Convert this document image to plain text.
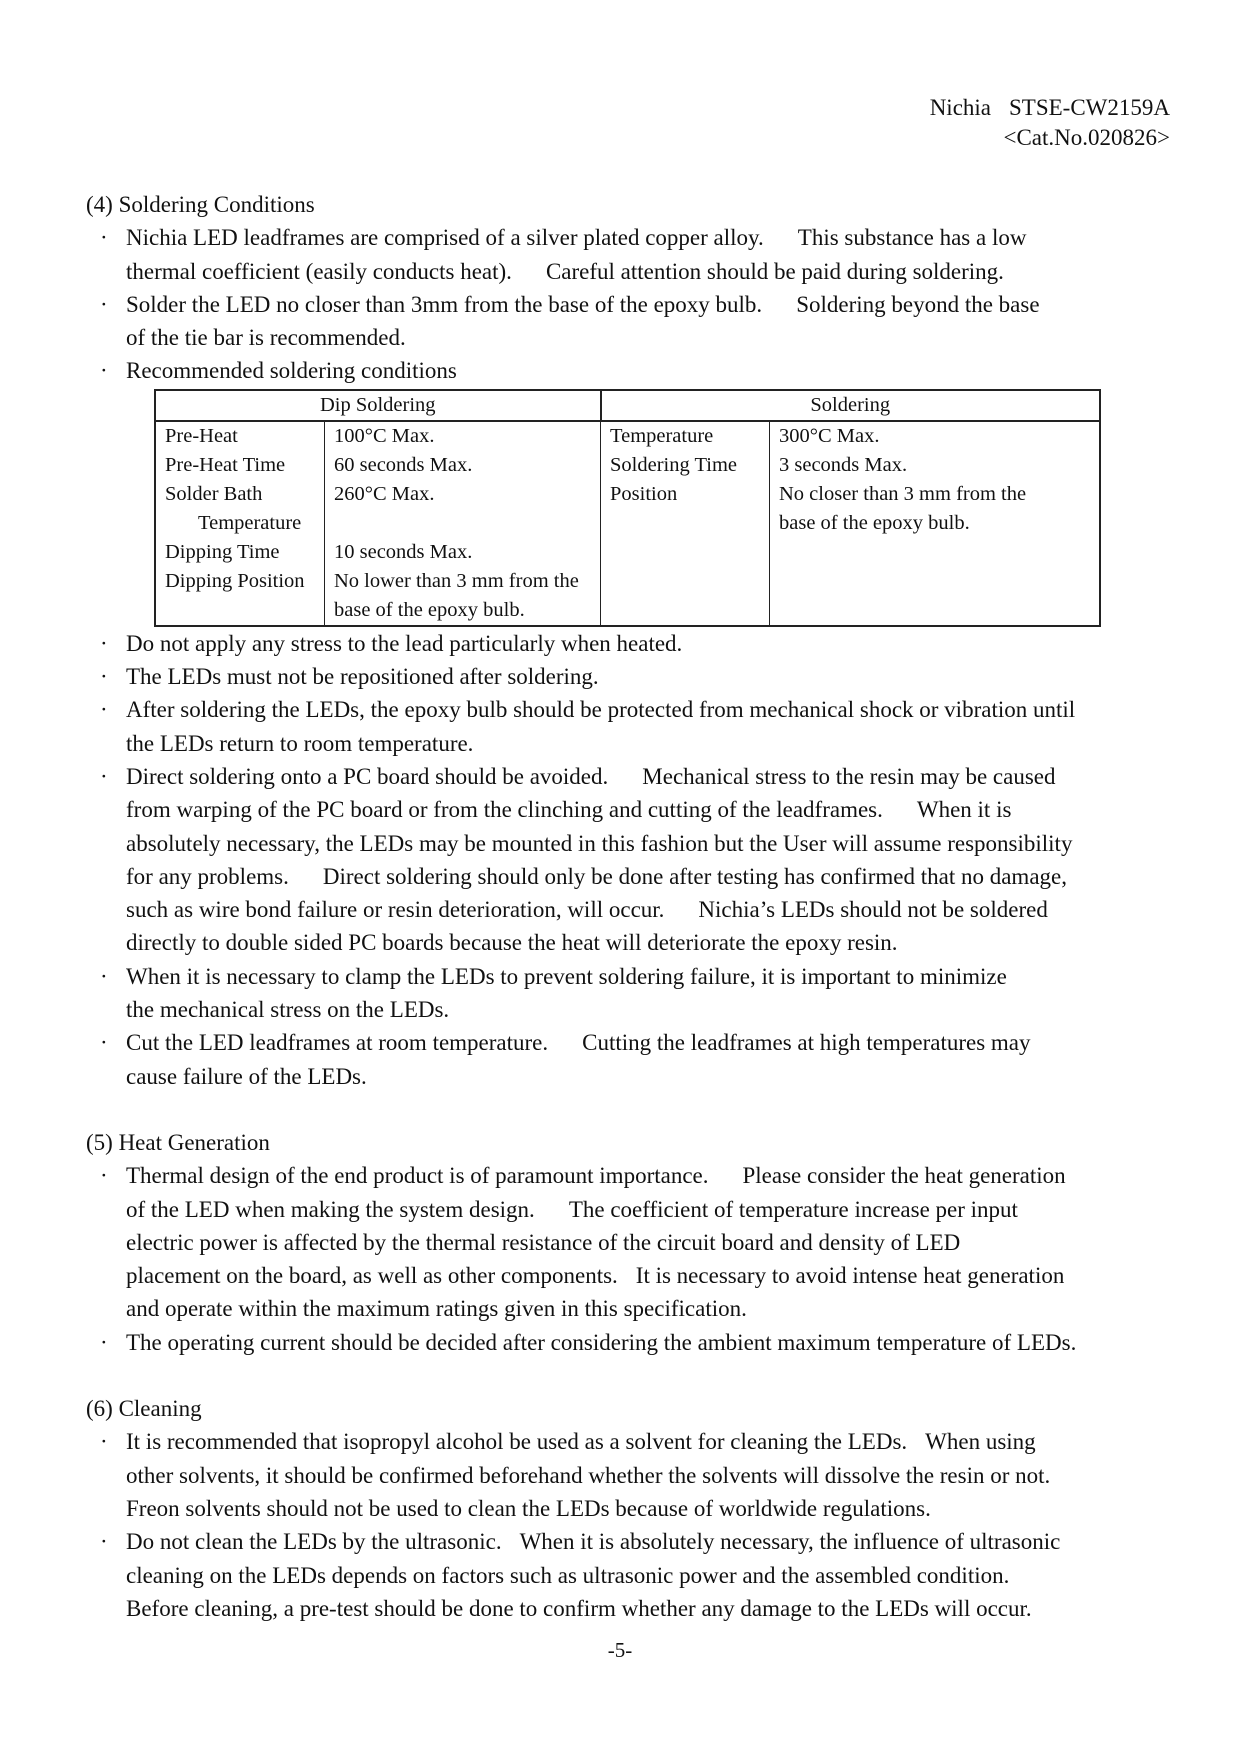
Nichia STSE-CW2159A
<Cat.No.020826>

(4) Soldering Conditions

· Nichia LED leadframes are comprised of a silver plated copper alloy. This substance has a low
thermal coefficient (easily conducts heat). Careful attention should be paid during soldering.
· Solder the LED no closer than 3mm from the base of the epoxy bulb. Soldering beyond the base
of the tie bar is recommended.
· Recommended soldering conditions
Dip Soldering		Soldering	
Pre-Heat	100°C Max.	Temperature	300°C Max.
Pre-Heat Time	60 seconds Max.	Soldering Time	3 seconds Max.
Solder Bath	260°C Max.	Position	No closer than 3 mm from the
Temperature			base of the epoxy bulb.
Dipping Time	10 seconds Max.		
Dipping Position	No lower than 3 mm from the		
	base of the epoxy bulb.		
· Do not apply any stress to the lead particularly when heated.
· The LEDs must not be repositioned after soldering.
· After soldering the LEDs, the epoxy bulb should be protected from mechanical shock or vibration until
the LEDs return to room temperature.
· Direct soldering onto a PC board should be avoided. Mechanical stress to the resin may be caused
from warping of the PC board or from the clinching and cutting of the leadframes. When it is
absolutely necessary, the LEDs may be mounted in this fashion but the User will assume responsibility
for any problems. Direct soldering should only be done after testing has confirmed that no damage,
such as wire bond failure or resin deterioration, will occur. Nichia’s LEDs should not be soldered
directly to double sided PC boards because the heat will deteriorate the epoxy resin.
· When it is necessary to clamp the LEDs to prevent soldering failure, it is important to minimize
the mechanical stress on the LEDs.
· Cut the LED leadframes at room temperature. Cutting the leadframes at high temperatures may
cause failure of the LEDs.

(5) Heat Generation

· Thermal design of the end product is of paramount importance. Please consider the heat generation
of the LED when making the system design. The coefficient of temperature increase per input
electric power is affected by the thermal resistance of the circuit board and density of LED
placement on the board, as well as other components. It is necessary to avoid intense heat generation
and operate within the maximum ratings given in this specification.
· The operating current should be decided after considering the ambient maximum temperature of LEDs.

(6) Cleaning

· It is recommended that isopropyl alcohol be used as a solvent for cleaning the LEDs. When using
other solvents, it should be confirmed beforehand whether the solvents will dissolve the resin or not.
Freon solvents should not be used to clean the LEDs because of worldwide regulations.
· Do not clean the LEDs by the ultrasonic. When it is absolutely necessary, the influence of ultrasonic
cleaning on the LEDs depends on factors such as ultrasonic power and the assembled condition.
Before cleaning, a pre-test should be done to confirm whether any damage to the LEDs will occur.
-5-
